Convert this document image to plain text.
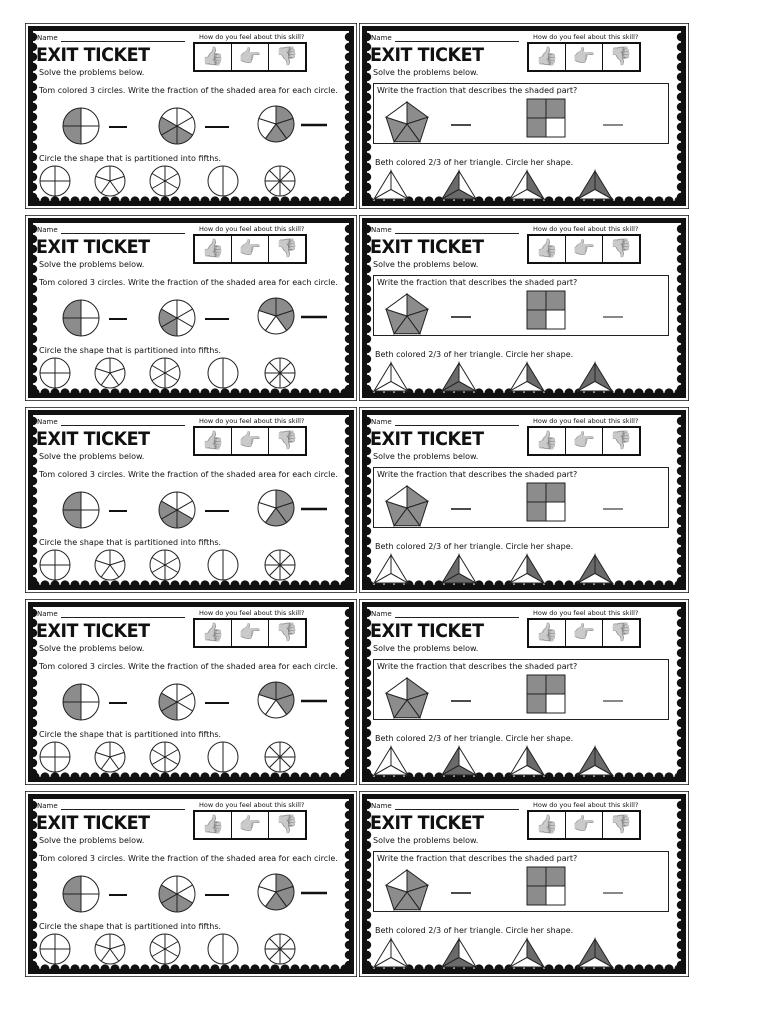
Name	How do you feel about this skill?
👍 👉 👎
EXIT TICKET
Solve the problems below.
Tom colored 3 circles. Write the fraction of the shaded area for each circle.
Circle the shape that is partitioned into fifths.
Name	How do you feel about this skill?
👍 👉 👎
EXIT TICKET
Solve the problems below.
Write the fraction that describes the shaded part?
Beth colored 2/3 of her triangle. Circle her shape.
Name	How do you feel about this skill?
👍 👉 👎
EXIT TICKET
Solve the problems below.
Tom colored 3 circles. Write the fraction of the shaded area for each circle.
Circle the shape that is partitioned into fifths.
Name	How do you feel about this skill?
👍 👉 👎
EXIT TICKET
Solve the problems below.
Write the fraction that describes the shaded part?
Beth colored 2/3 of her triangle. Circle her shape.
Name	How do you feel about this skill?
👍 👉 👎
EXIT TICKET
Solve the problems below.
Tom colored 3 circles. Write the fraction of the shaded area for each circle.
Circle the shape that is partitioned into fifths.
Name	How do you feel about this skill?
👍 👉 👎
EXIT TICKET
Solve the problems below.
Write the fraction that describes the shaded part?
Beth colored 2/3 of her triangle. Circle her shape.
Name	How do you feel about this skill?
👍 👉 👎
EXIT TICKET
Solve the problems below.
Tom colored 3 circles. Write the fraction of the shaded area for each circle.
Circle the shape that is partitioned into fifths.
Name	How do you feel about this skill?
👍 👉 👎
EXIT TICKET
Solve the problems below.
Write the fraction that describes the shaded part?
Beth colored 2/3 of her triangle. Circle her shape.
Name	How do you feel about this skill?
👍 👉 👎
EXIT TICKET
Solve the problems below.
Tom colored 3 circles. Write the fraction of the shaded area for each circle.
Circle the shape that is partitioned into fifths.
Name	How do you feel about this skill?
👍 👉 👎
EXIT TICKET
Solve the problems below.
Write the fraction that describes the shaded part?
Beth colored 2/3 of her triangle. Circle her shape.
